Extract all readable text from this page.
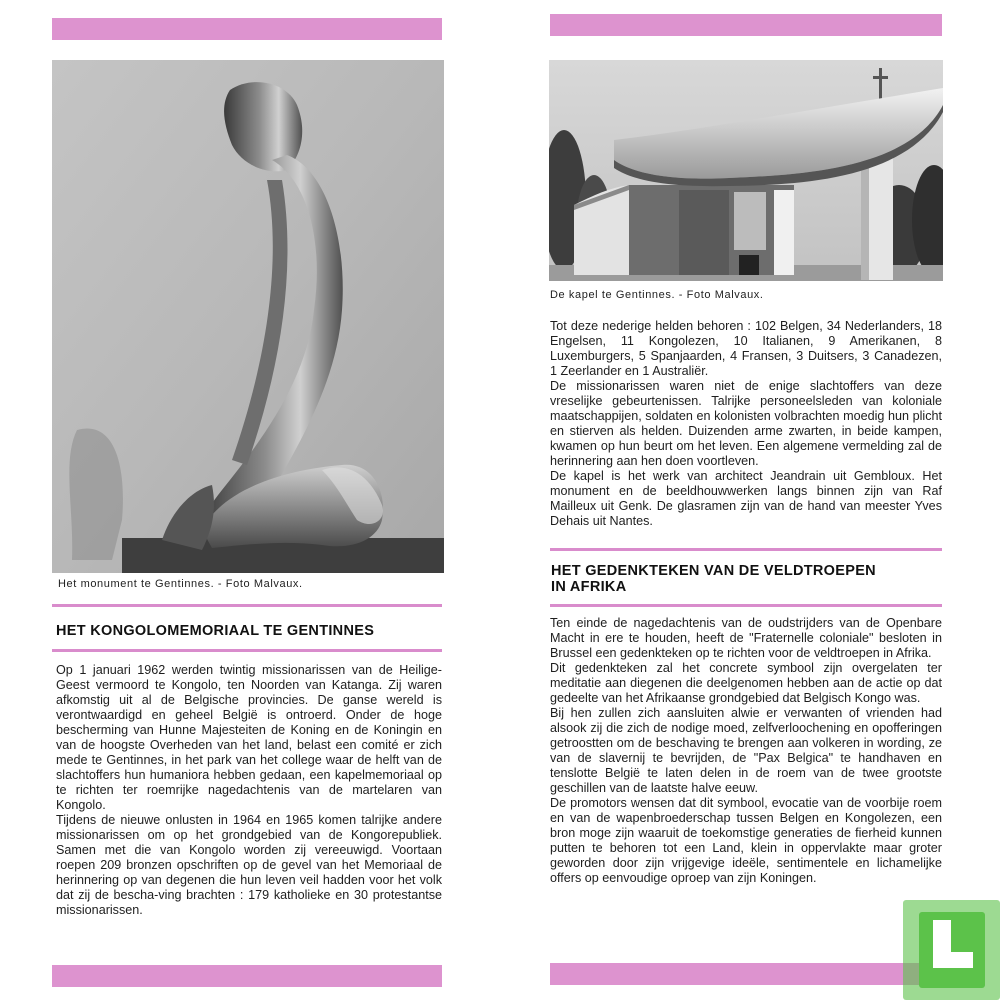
Het monument te Gentinnes. - Foto Malvaux.
HET KONGOLOMEMORIAAL TE GENTINNES

Op 1 januari 1962 werden twintig missionarissen van de Heilige-Geest vermoord te Kongolo, ten Noorden van Katanga. Zij waren afkomstig uit al de Belgische provincies. De ganse wereld is verontwaardigd en geheel België is ontroerd. Onder de hoge bescherming van Hunne Majesteiten de Koning en de Koningin en van de hoogste Overheden van het land, belast een comité er zich mede te Gentinnes, in het park van het college waar de helft van de slachtoffers hun humaniora hebben gedaan, een kapelmemoriaal op te richten ter roemrijke nagedachtenis van de martelaren van Kongolo.

Tijdens de nieuwe onlusten in 1964 en 1965 komen talrijke andere missionarissen om op het grondgebied van de Kongorepubliek. Samen met die van Kongolo worden zij vereeuwigd. Voortaan roepen 209 bronzen opschriften op de gevel van het Memoriaal de herinnering op van degenen die hun leven veil hadden voor het volk dat zij de bescha-ving brachten : 179 katholieke en 30 protestantse missionarissen.

De kapel te Gentinnes. - Foto Malvaux.

Tot deze nederige helden behoren : 102 Belgen, 34 Nederlanders, 18 Engelsen, 11 Kongolezen, 10 Italianen, 9 Amerikanen, 8 Luxemburgers, 5 Spanjaarden, 4 Fransen, 3 Duitsers, 3 Canadezen, 1 Zeerlander en 1 Australiër.

De missionarissen waren niet de enige slachtoffers van deze vreselijke gebeurtenissen. Talrijke personeelsleden van koloniale maatschappijen, soldaten en kolonisten volbrachten moedig hun plicht en stierven als helden. Duizenden arme zwarten, in beide kampen, kwamen op hun beurt om het leven. Een algemene vermelding zal de herinnering aan hen doen voortleven.

De kapel is het werk van architect Jeandrain uit Gembloux. Het monument en de beeldhouwwerken langs binnen zijn van Raf Mailleux uit Genk. De glasramen zijn van de hand van meester Yves Dehais uit Nantes.

HET GEDENKTEKEN VAN DE VELDTROEPEN
IN AFRIKA

Ten einde de nagedachtenis van de oudstrijders van de Openbare Macht in ere te houden, heeft de "Fraternelle coloniale" besloten in Brussel een gedenkteken op te richten voor de veldtroepen in Afrika.

Dit gedenkteken zal het concrete symbool zijn overgelaten ter meditatie aan diegenen die deelgenomen hebben aan de actie op dat gedeelte van het Afrikaanse grondgebied dat Belgisch Kongo was.

Bij hen zullen zich aansluiten alwie er verwanten of vrienden had alsook zij die zich de nodige moed, zelfverloochening en opofferingen getroostten om de beschaving te brengen aan volkeren in wording, ze van de slavernij te bevrijden, de "Pax Belgica" te handhaven en tenslotte België te laten delen in de roem van de twee grootste geschillen van de laatste halve eeuw.

De promotors wensen dat dit symbool, evocatie van de voorbije roem en van de wapenbroederschap tussen Belgen en Kongolezen, een bron moge zijn waaruit de toekomstige generaties de fierheid kunnen putten te behoren tot een Land, klein in oppervlakte maar groter geworden door zijn vrijgevige ideële, sentimentele en lichamelijke offers op eenvoudige oproep van zijn Koningen.
